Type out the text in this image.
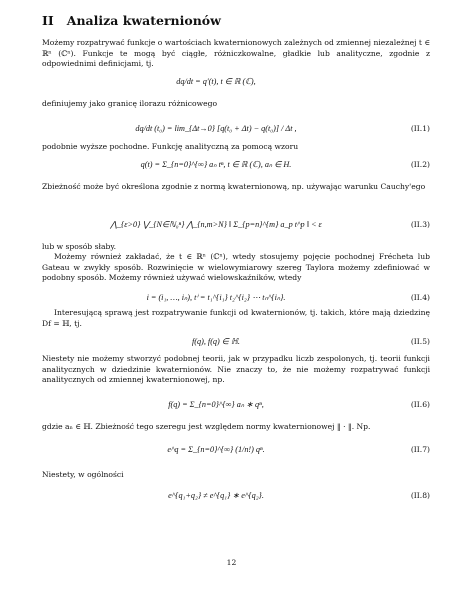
II Analiza kwaternionów
Możemy rozpatrywać funkcje o wartościach kwaternionowych zależnych od zmiennej niezależnej t ∈ ℝⁿ (ℂⁿ). Funkcje te mogą być ciągłe, różniczkowalne, gładkie lub analityczne, zgodnie z odpowiednimi definicjami, tj.
dq/dt = q′(t), t ∈ ℝ (ℂ),
definiujemy jako granicę ilorazu różnicowego
dq/dt (t₀) = lim_{Δt→0} [q(t₀ + Δt) − q(t₀)] / Δt ,	(II.1)
podobnie wyższe pochodne. Funkcję analityczną za pomocą wzoru
q(t) = Σ_{n=0}^{∞} aₙ tⁿ, t ∈ ℝ (ℂ), aₙ ∈ H.	(II.2)
Zbieżność może być określona zgodnie z normą kwaternionową, np. używając warunku Cauchy'ego
⋀_{ε>0} ⋁_{N∈ℕ₀ⁿ} ⋀_{n,m>N} ‖ Σ_{p=n}^{m} a_p t^p ‖ < ε	(II.3)
lub w sposób słaby.
Możemy również zakładać, że t ∈ ℝⁿ (ℂⁿ), wtedy stosujemy pojęcie pochodnej Frécheta lub Gateau w zwykły sposób. Rozwinięcie w wielowymiarowy szereg Taylora możemy zdefiniować w podobny sposób. Możemy również używać wielowskaźników, wtedy
i = (i₁, …, iₙ), tⁱ = t₁^{i₁} t₂^{i₂} ⋯ tₙ^{iₙ}.	(II.4)
Interesującą sprawą jest rozpatrywanie funkcji od kwaternionów, tj. takich, które mają dziedzinę Df = ℍ, tj.
f(q), f(q) ∈ ℍ.	(II.5)
Niestety nie możemy stworzyć podobnej teorii, jak w przypadku liczb zespolonych, tj. teorii funkcji analitycznych w dziedzinie kwaternionów. Nie znaczy to, że nie możemy rozpatrywać funkcji analitycznych od zmiennej kwaternionowej, np.
f(q) = Σ_{n=0}^{∞} aₙ ∗ qⁿ,	(II.6)
gdzie aₙ ∈ ℍ. Zbieżność tego szeregu jest względem normy kwaternionowej ‖ · ‖. Np.
e^q = Σ_{n=0}^{∞} (1/n!) qⁿ.	(II.7)
Niestety, w ogólności
e^{q₁+q₂} ≠ e^{q₁} ∗ e^{q₂}.	(II.8)
12
